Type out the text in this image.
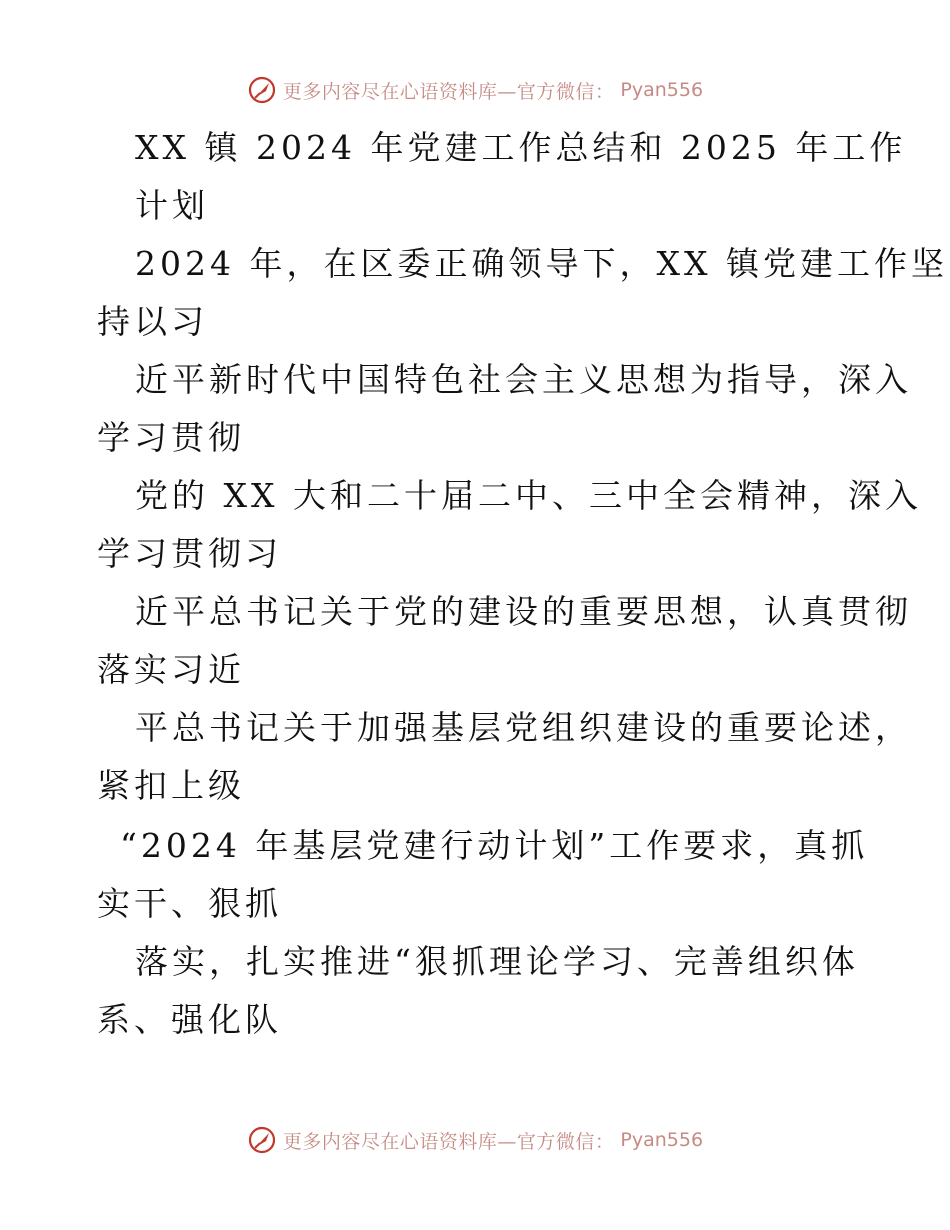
更多内容尽在心语资料库—官方微信： Pyan556
XX 镇 2024 年党建工作总结和 2025 年工作
计划
2024 年，在区委正确领导下，XX 镇党建工作坚
持以习
近平新时代中国特色社会主义思想为指导，深入
学习贯彻
党的 XX 大和二十届二中、三中全会精神，深入
学习贯彻习
近平总书记关于党的建设的重要思想，认真贯彻
落实习近
平总书记关于加强基层党组织建设的重要论述，
紧扣上级
“2024 年基层党建行动计划”工作要求，真抓
实干、狠抓
落实，扎实推进“狠抓理论学习、完善组织体
系、强化队
更多内容尽在心语资料库—官方微信： Pyan556
